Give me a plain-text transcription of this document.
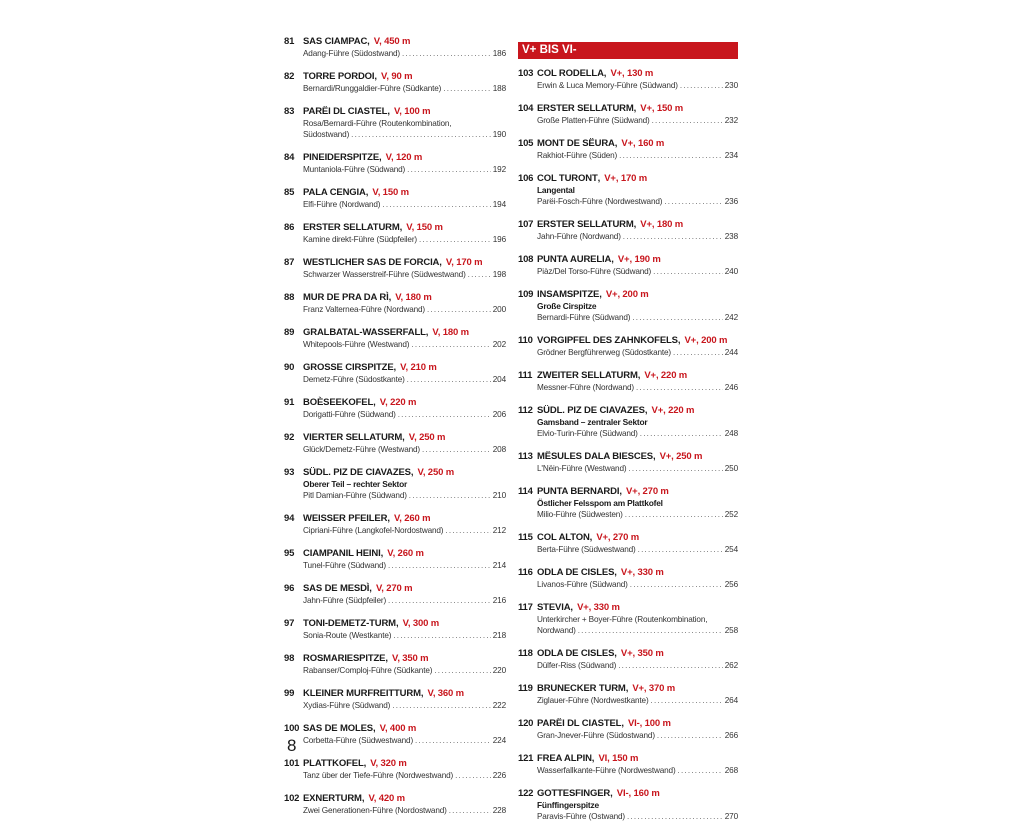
81 SAS CIAMPAC , V, 450 m
Adang-Führe (Südostwand) . . .	186
82 TORRE PORDOI , V, 90 m
Bernardi/Runggaldier-Führe (Südkante) . . .	188
83 PARËI DL CIASTEL , V, 100 m
Rosa/Bernardi-Führe (Routenkombination,
Südostwand) . . .	190
84 PINEIDERSPITZE , V, 120 m
Muntaniola-Führe (Südwand) . . .	192
85 PALA CENGIA , V, 150 m
Elfi-Führe (Nordwand) . . .	194
86 ERSTER SELLATURM , V, 150 m
Kamine direkt-Führe (Südpfeiler) . . .	196
87 WESTLICHER SAS DE FORCIA , V, 170 m
Schwarzer Wasserstreif-Führe (Südwestwand) . . .	198
88 MUR DE PRA DA RÌ , V, 180 m
Franz Valternea-Führe (Nordwand) . . .	200
89 GRALBATAL-WASSERFALL , V, 180 m
Whitepools-Führe (Westwand) . . .	202
90 GROSSE CIRSPITZE , V, 210 m
Demetz-Führe (Südostkante) . . .	204
91 BOÈSEEKOFEL , V, 220 m
Dorigatti-Führe (Südwand) . . .	206
92 VIERTER SELLATURM , V, 250 m
Glück/Demetz-Führe (Westwand) . . .	208
93 SÜDL. PIZ DE CIAVAZES , V, 250 m
Oberer Teil – rechter Sektor
Pitl Damian-Führe (Südwand) . . .	210
94 WEISSER PFEILER , V, 260 m
Cipriani-Führe (Langkofel-Nordostwand) . . .	212
95 CIAMPANIL HEINI , V, 260 m
Tunel-Führe (Südwand) . . .	214
96 SAS DE MESDÌ , V, 270 m
Jahn-Führe (Südpfeiler) . . .	216
97 TONI-DEMETZ-TURM , V, 300 m
Sonia-Route (Westkante) . . .	218
98 ROSMARIESPITZE , V, 350 m
Rabanser/Comploj-Führe (Südkante) . . .	220
99 KLEINER MURFREITTURM , V, 360 m
Xydias-Führe (Südwand) . . .	222
100 SAS DE MOLES , V, 400 m
Corbetta-Führe (Südwestwand) . . .	224
101 PLATTKOFEL , V, 320 m
Tanz über der Tiefe-Führe (Nordwestwand) . . .	226
102 EXNERTURM , V, 420 m
Zwei Generationen-Führe (Nordostwand) . . .	228
V+ BIS VI-
103 COL RODELLA , V+, 130 m
Erwin & Luca Memory-Führe (Südwand) . . .	230
104 ERSTER SELLATURM , V+, 150 m
Große Platten-Führe (Südwand) . . .	232
105 MONT DE SËURA , V+, 160 m
Rakhiot-Führe (Süden) . . .	234
106 COL TURONT , V+, 170 m
Langental
Parëi-Fosch-Führe (Nordwestwand) . . .	236
107 ERSTER SELLATURM , V+, 180 m
Jahn-Führe (Nordwand) . . .	238
108 PUNTA AURELIA , V+, 190 m
Piàz/Del Torso-Führe (Südwand) . . .	240
109 INSAMSPITZE , V+, 200 m
Große Cirspitze
Bernardi-Führe (Südwand) . . .	242
110 VORGIPFEL DES ZAHNKOFELS , V+, 200 m
Grödner Bergführerweg (Südostkante) . . .	244
111 ZWEITER SELLATURM , V+, 220 m
Messner-Führe (Nordwand) . . .	246
112 SÜDL. PIZ DE CIAVAZES , V+, 220 m
Gamsband – zentraler Sektor
Elvio-Turin-Führe (Südwand) . . .	248
113 MËSULES DALA BIESCES , V+, 250 m
L'Nëin-Führe (Westwand) . . .	250
114 PUNTA BERNARDI , V+, 270 m
Östlicher Felsspom am Plattkofel
Milio-Führe (Südwesten) . . .	252
115 COL ALTON , V+, 270 m
Berta-Führe (Südwestwand) . . .	254
116 ODLA DE CISLES , V+, 330 m
Livanos-Führe (Südwand) . . .	256
117 STEVIA , V+, 330 m
Unterkircher + Boyer-Führe (Routenkombination,
Nordwand) . . .	258
118 ODLA DE CISLES , V+, 350 m
Dülfer-Riss (Südwand) . . .	262
119 BRUNECKER TURM , V+, 370 m
Ziglauer-Führe (Nordwestkante) . . .	264
120 PARËI DL CIASTEL , VI-, 100 m
Gran-Jnever-Führe (Südostwand) . . .	266
121 FREA ALPIN , VI, 150 m
Wasserfallkante-Führe (Nordwestwand) . . .	268
122 GOTTESFINGER , VI-, 160 m
Fünffingerspitze
Paravis-Führe (Ostwand) . . .	270
8
